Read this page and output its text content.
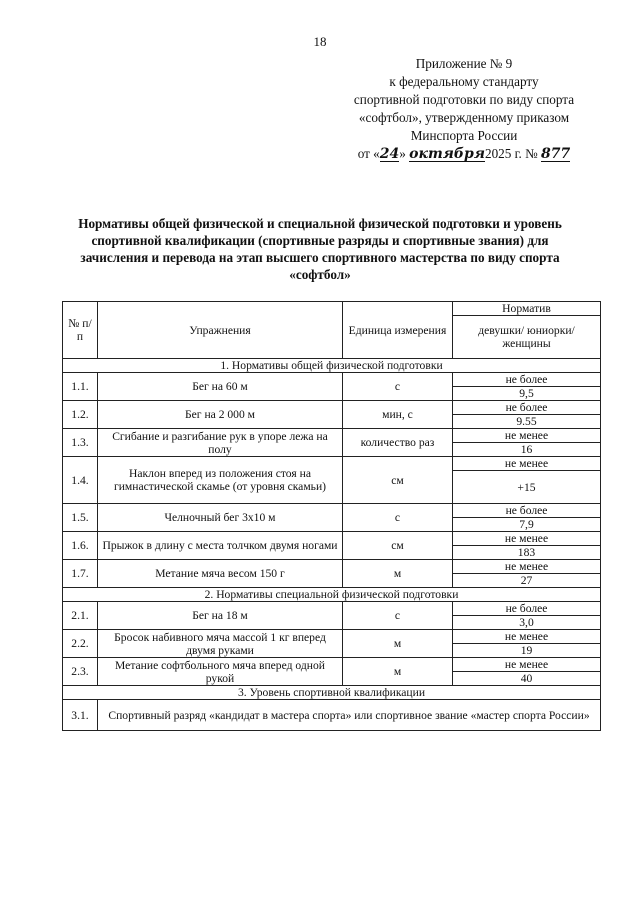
18
Приложение № 9
к федеральному стандарту
спортивной подготовки по виду спорта
«софтбол», утвержденному приказом
Минспорта России
от «24» октября2025 г. № 877
Нормативы общей физической и специальной физической подготовки и уровень спортивной квалификации (спортивные разряды и спортивные звания) для зачисления и перевода на этап высшего спортивного мастерства по виду спорта «софтбол»
№ п/п	Упражнения	Единица измерения	Норматив
			девушки/ юниорки/ женщины
1. Нормативы общей физической подготовки			
1.1.	Бег на 60 м	с	не более
			9,5
1.2.	Бег на 2 000 м	мин, с	не более
			9.55
1.3.	Сгибание и разгибание рук в упоре лежа на полу	количество раз	не менее
			16
1.4.	Наклон вперед из положения стоя на гимнастической скамье (от уровня скамьи)	см	не менее
			+15
1.5.	Челночный бег 3х10 м	с	не более
			7,9
1.6.	Прыжок в длину с места толчком двумя ногами	см	не менее
			183
1.7.	Метание мяча весом 150 г	м	не менее
			27
2. Нормативы специальной физической подготовки			
2.1.	Бег на 18 м	с	не более
			3,0
2.2.	Бросок набивного мяча массой 1 кг вперед двумя руками	м	не менее
			19
2.3.	Метание софтбольного мяча вперед одной рукой	м	не менее
			40
3. Уровень спортивной квалификации			
3.1.	Спортивный разряд «кандидат в мастера спорта» или спортивное звание «мастер спорта России»		
